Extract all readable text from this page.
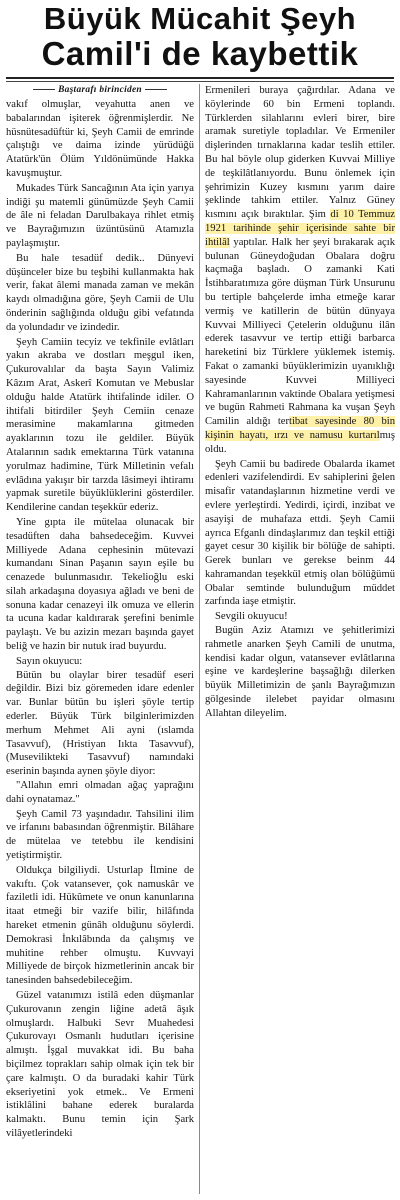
Büyük Mücahit Şeyh
Camil'i de kaybettik
Baştarafı birinciden

vakıf olmuşlar, veyahutta anen ve babalarından işiterek öğrenmişlerdir. Ne hüsnütesadüftür ki, Şeyh Camii de emrinde çalıştığı ve daima izinde yürüdüğü Atatürk'ün Ölüm Yıldönümünde Hakka kavuşmuştur.

Mukades Türk Sancağının Ata için yarıya indiği şu matemli günümüzde Şeyh Camii de âle ni feladan Darulbakaya rihlet etmiş ve Bayrağımızın üzüntüsünü Atamızla paylaşmıştır.

Bu hale tesadüf dedik.. Dünyevi düşünceler bize bu teşbihi kullanmakta hak verir, fakat âlemi manada zaman ve mekân kaydı olmadığına göre, Şeyh Camii de Ulu önderinin sağlığında olduğu gibi vefatında da yolundadır ve izindedir.

Şeyh Camiin tecyiz ve tekfinile evlâtları yakın akraba ve dostları meşgul iken, Çukurovalılar da başta Sayın Valimiz Kâzım Arat, Askerî Komutan ve Mebuslar olduğu halde Atatürk ihtifalinde idiler. O ihtifali bitirdiler Şeyh Cemiin cenaze merasimine makamlarına gitmeden ayaklarının tozu ile geldiler. Büyük Atalarının sadık emektarına Türk vatanına yorulmaz hadimine, Türk Milletinin vefalı evlâdına yakışır bir tarzda lâsimeyi ihtiramı yapmak suretile büyüklüklerini gösterdiler. Kendilerine candan teşekkür ederiz.

Yine gıpta ile mütelaa olunacak bir tesadüften daha bahsedeceğim. Kuvvei Milliyede Adana cephesinin mütevazi kumandanı Sinan Paşanın sayın eşile bu cenazede bulunmasıdır. Tekelioğlu eski silah arkadaşına doyasıya ağladı ve beni de sonuna kadar cenazeyi ilk omuza ve ellerin ta ucuna kadar kaldırarak şerefini benimle paylaştı. Ve bu azizin mezarı başında gayet beliğ ve hazin bir nutuk irad buyurdu.

Sayın okuyucu:

Bütün bu olaylar birer tesadüf eseri değildir. Bizi biz göremeden idare edenler var. Bunlar bütün bu işleri şöyle tertip ederler. Büyük Türk bilginlerimizden merhum Mehmet Ali ayni (ıslamda Tasavvuf), (Hristiyan Iıkta Tasavvuf), (Musevilikteki Tasavvuf) namındaki eserinin başında aynen şöyle diyor:

"Allahın emri olmadan ağaç yaprağını dahi oynatamaz."

Şeyh Camil 73 yaşındadır. Tahsilini ilim ve irfanını babasından öğrenmiştir. Bilâhare de mütelaa ve tetebbu ile kendisini yetiştirmiştir.

Oldukça bilgiliydi. Usturlap İlmine de vakıftı. Çok vatansever, çok namuskâr ve faziletli idi. Hükûmete ve onun kanunlarına itaat etmeği bir vazife bilir, hilâfında hareket etmenin günâh olduğunu söylerdi. Demokrasi İnkılâbında da çalışmış ve muhitine rehber olmuştu. Kuvvayi Milliyede de birçok hizmetlerinin ancak bir tanesinden bahsedebileceğim.

Güzel vatanımızı istilâ eden düşmanlar Çukurovanın zengin liğine adetâ âşık olmuşlardı. Halbuki Sevr Muahedesi Çukurovayı Osmanlı hudutları içerisine almıştı. İşgal muvakkat idi. Bu baha biçilmez toprakları sahip olmak için tek bir çare kalmıştı. O da buradaki kahir Türk ekseriyetini yok etmek.. Ve Ermeni istiklâlini bahane ederek buralarda kalmaktı. Bunu temin için Şark vilâyetlerindeki

Ermenileri buraya çağırdılar. Adana ve köylerinde 60 bin Ermeni toplandı. Türklerden silahlarını evleri birer, bire aramak suretiyle topladılar. Ve Ermeniler dişlerinden tırnaklarına kadar teslih ettiler. Bu hal böyle olup giderken Kuvvai Milliye de teşkilâtlanıyordu. Bunu önlemek için şehrimizin Kuzey kısmını yarım daire şeklinde tahkim ettiler. Yalnız Güney kısmını açık bıraktılar. Şim di 10 Temmuz 1921 tarihinde şehir içerisinde sahte bir ihtilâl yaptılar. Halk her şeyi bırakarak açık bulunan Güneydoğudan Obalara doğru kaçmağa başladı. O zamanki Kati İstihbaratımıza göre düşman Türk Unsurunu bu tertiple bahçelerde imha etmeğe karar vermiş ve katillerin de bütün dünyaya Kuvvai Milliyeci Çetelerin olduğunu ilân ederek tasavvur ve tertip ettiği barbarca hareketini biz Türklere yüklemek istemiş. Fakat o zamanki büyüklerimizin uyanıklığı sayesinde Kuvvei Milliyeci Kahramanlarının vaktinde Obalara yetişmesi ve bugün Rahmeti Rahmana ka vuşan Şeyh Camilin aldığı tertibat sayesinde 80 bin kişinin hayatı, ırzı ve namusu kurtarılmış oldu.

Şeyh Camii bu badirede Obalarda ikamet edenleri vazifelendirdi. Ev sahiplerini ğelen misafir vatandaşlarının hizmetine verdi ve evlere yerleştirdi. Yedirdi, içirdi, inzibat ve asayişi de muhafaza ettdi. Şeyh Camii ayrıca Efganlı dindaşlarımız dan teşkil ettiği gayet cesur 30 kişilik bir bölüğe de sahipti. Gerek bunları ve gerekse beinm 44 kahramandan teşekkül etmiş olan bölüğümü Obalar semtinde bulunduğum müddet zarfında iaşe etmiştir.

Sevgili okuyucu!

Bugün Aziz Atamızı ve şehitlerimizi rahmetle anarken Şeyh Camili de unutma, kendisi kadar olgun, vatansever evlâtlarına eşine ve kardeşlerine başsağlığı dilerken büyük Milletimizin de şanlı Bayrağımızın gölgesinde ilelebet payidar olmasını Allahtan dileyelim.
